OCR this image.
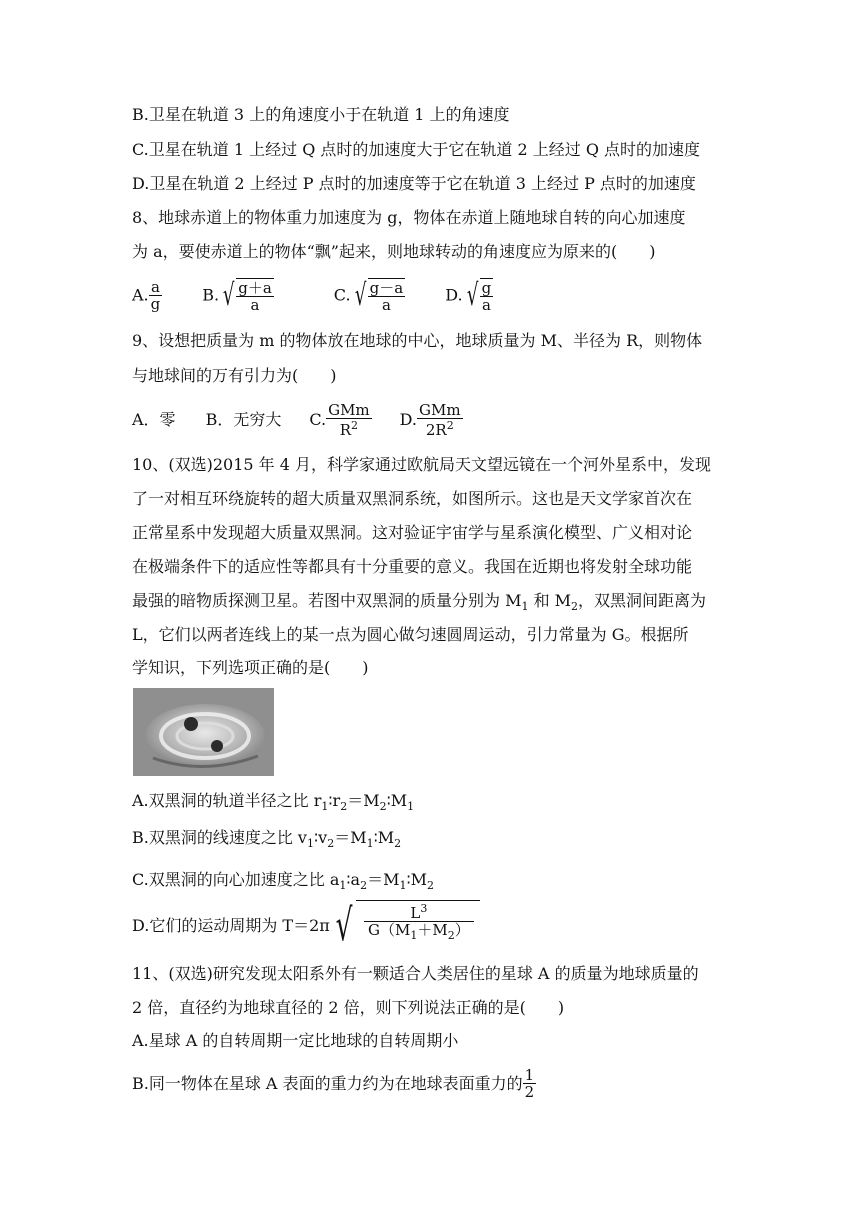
B.卫星在轨道 3 上的角速度小于在轨道 1 上的角速度
C.卫星在轨道 1 上经过 Q 点时的加速度大于它在轨道 2 上经过 Q 点时的加速度
D.卫星在轨道 2 上经过 P 点时的加速度等于它在轨道 3 上经过 P 点时的加速度
8、地球赤道上的物体重力加速度为 g，物体在赤道上随地球自转的向心加速度
为 a，要使赤道上的物体“飘”起来，则地球转动的角速度应为原来的(　　)
A. $\frac{a}{g}$	B. √ $\frac{g+a}{a}$	C. √ $\frac{g-a}{a}$	D. √ $\frac{g}{a}$
9、设想把质量为 m 的物体放在地球的中心，地球质量为 M、半径为 R，则物体
与地球间的万有引力为(　　)
A．零 B．无穷大 C. $\frac{\text{GMm}}{R^2} D$. $\frac{\text{GMm}}{2R^2}$
10、(双选)2015 年 4 月，科学家通过欧航局天文望远镜在一个河外星系中，发现
了一对相互环绕旋转的超大质量双黑洞系统，如图所示。这也是天文学家首次在
正常星系中发现超大质量双黑洞。这对验证宇宙学与星系演化模型、广义相对论
在极端条件下的适应性等都具有十分重要的意义。我国在近期也将发射全球功能
最强的暗物质探测卫星。若图中双黑洞的质量分别为 $M_1$ 和 $M_2$，双黑洞间距离为
L，它们以两者连线上的某一点为圆心做匀速圆周运动，引力常量为 G。根据所
学知识，下列选项正确的是(　　)
A.双黑洞的轨道半径之比 $r_1∶r_2=M_2∶M_1$
B.双黑洞的线速度之比 $v_1∶v_2=M_1∶M_2$
C.双黑洞的向心加速度之比 $a_1∶a_2=M_1∶M_2$
D.它们的运动周期为 T＝2π √ $\frac{L^3}{G(M_1+M_2)}$
11、(双选)研究发现太阳系外有一颗适合人类居住的星球 A 的质量为地球质量的
2 倍，直径约为地球直径的 2 倍，则下列说法正确的是(　　)
A.星球 A 的自转周期一定比地球的自转周期小
B.同一物体在星球 A 表面的重力约为在地球表面重力的 $\frac{1}{2}$
